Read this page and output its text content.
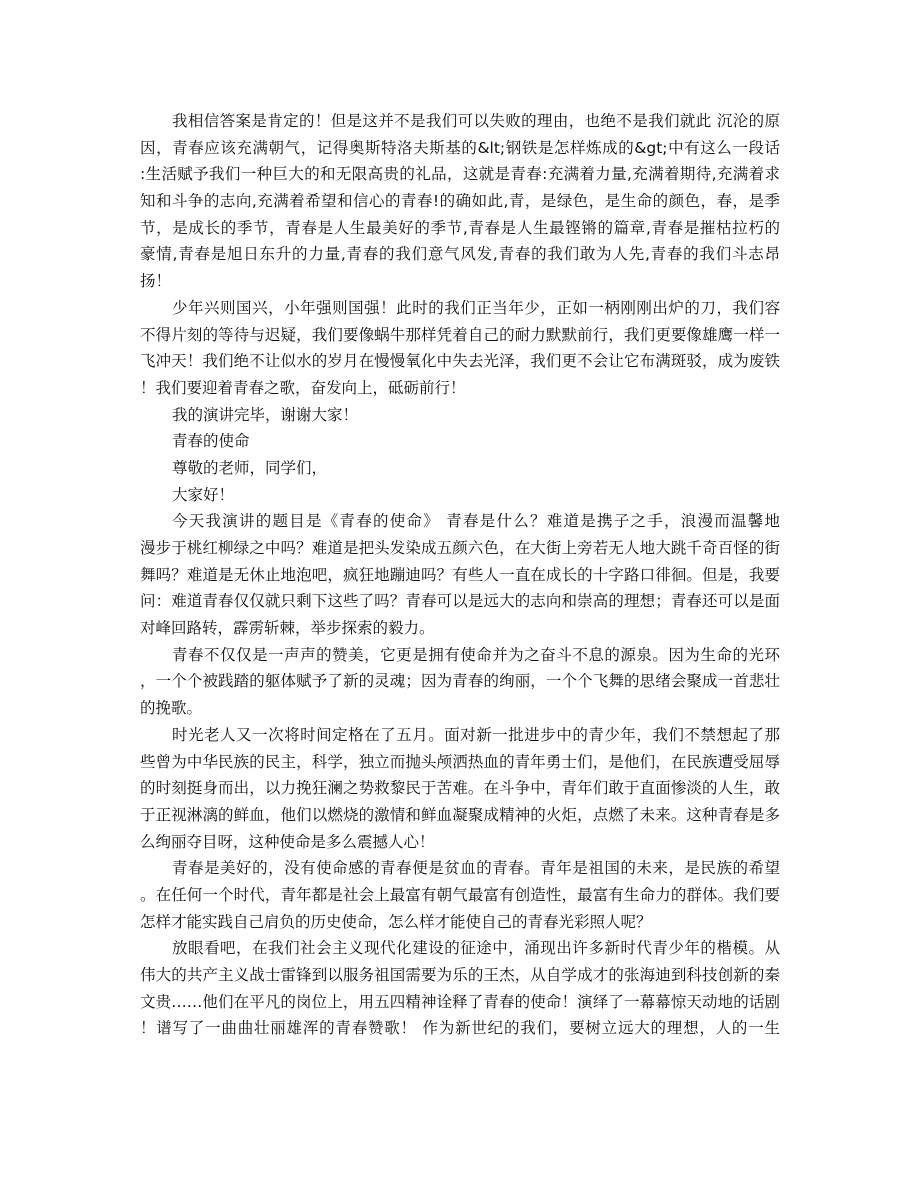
我相信答案是肯定的！但是这并不是我们可以失败的理由，也绝不是我们就此 沉沦的原
因，青春应该充满朝气，记得奥斯特洛夫斯基的&lt;钢铁是怎样炼成的&gt;中有这么一段话
:生活赋予我们一种巨大的和无限高贵的礼品，这就是青春:充满着力量,充满着期待,充满着求
知和斗争的志向,充满着希望和信心的青春!的确如此,青，是绿色，是生命的颜色，春，是季
节，是成长的季节，青春是人生最美好的季节,青春是人生最铿锵的篇章,青春是摧枯拉朽的
豪情,青春是旭日东升的力量,青春的我们意气风发,青春的我们敢为人先,青春的我们斗志昂
扬！
少年兴则国兴，小年强则国强！此时的我们正当年少，正如一柄刚刚出炉的刀，我们容
不得片刻的等待与迟疑，我们要像蜗牛那样凭着自己的耐力默默前行，我们更要像雄鹰一样一
飞冲天！我们绝不让似水的岁月在慢慢氧化中失去光泽，我们更不会让它布满斑驳，成为废铁
！我们要迎着青春之歌，奋发向上，砥砺前行！
我的演讲完毕，谢谢大家！
青春的使命
尊敬的老师，同学们，
大家好！
今天我演讲的题目是《青春的使命》 青春是什么？难道是携子之手，浪漫而温馨地
漫步于桃红柳绿之中吗？难道是把头发染成五颜六色，在大街上旁若无人地大跳千奇百怪的街
舞吗？难道是无休止地泡吧，疯狂地蹦迪吗？有些人一直在成长的十字路口徘徊。但是，我要
问：难道青春仅仅就只剩下这些了吗？青春可以是远大的志向和崇高的理想；青春还可以是面
对峰回路转，霹雳斩棘，举步探索的毅力。
青春不仅仅是一声声的赞美，它更是拥有使命并为之奋斗不息的源泉。因为生命的光环
，一个个被践踏的躯体赋予了新的灵魂；因为青春的绚丽，一个个飞舞的思绪会聚成一首悲壮
的挽歌。
时光老人又一次将时间定格在了五月。面对新一批进步中的青少年，我们不禁想起了那
些曾为中华民族的民主，科学，独立而抛头颅洒热血的青年勇士们，是他们，在民族遭受屈辱
的时刻挺身而出，以力挽狂澜之势救黎民于苦难。在斗争中，青年们敢于直面惨淡的人生，敢
于正视淋漓的鲜血，他们以燃烧的激情和鲜血凝聚成精神的火炬，点燃了未来。这种青春是多
么绚丽夺目呀，这种使命是多么震撼人心！
青春是美好的，没有使命感的青春便是贫血的青春。青年是祖国的未来，是民族的希望
。在任何一个时代，青年都是社会上最富有朝气最富有创造性，最富有生命力的群体。我们要
怎样才能实践自己肩负的历史使命，怎么样才能使自己的青春光彩照人呢？
放眼看吧，在我们社会主义现代化建设的征途中，涌现出许多新时代青少年的楷模。从
伟大的共产主义战士雷锋到以服务祖国需要为乐的王杰，从自学成才的张海迪到科技创新的秦
文贵……他们在平凡的岗位上，用五四精神诠释了青春的使命！演绎了一幕幕惊天动地的话剧
！谱写了一曲曲壮丽雄浑的青春赞歌！ 作为新世纪的我们，要树立远大的理想，人的一生
